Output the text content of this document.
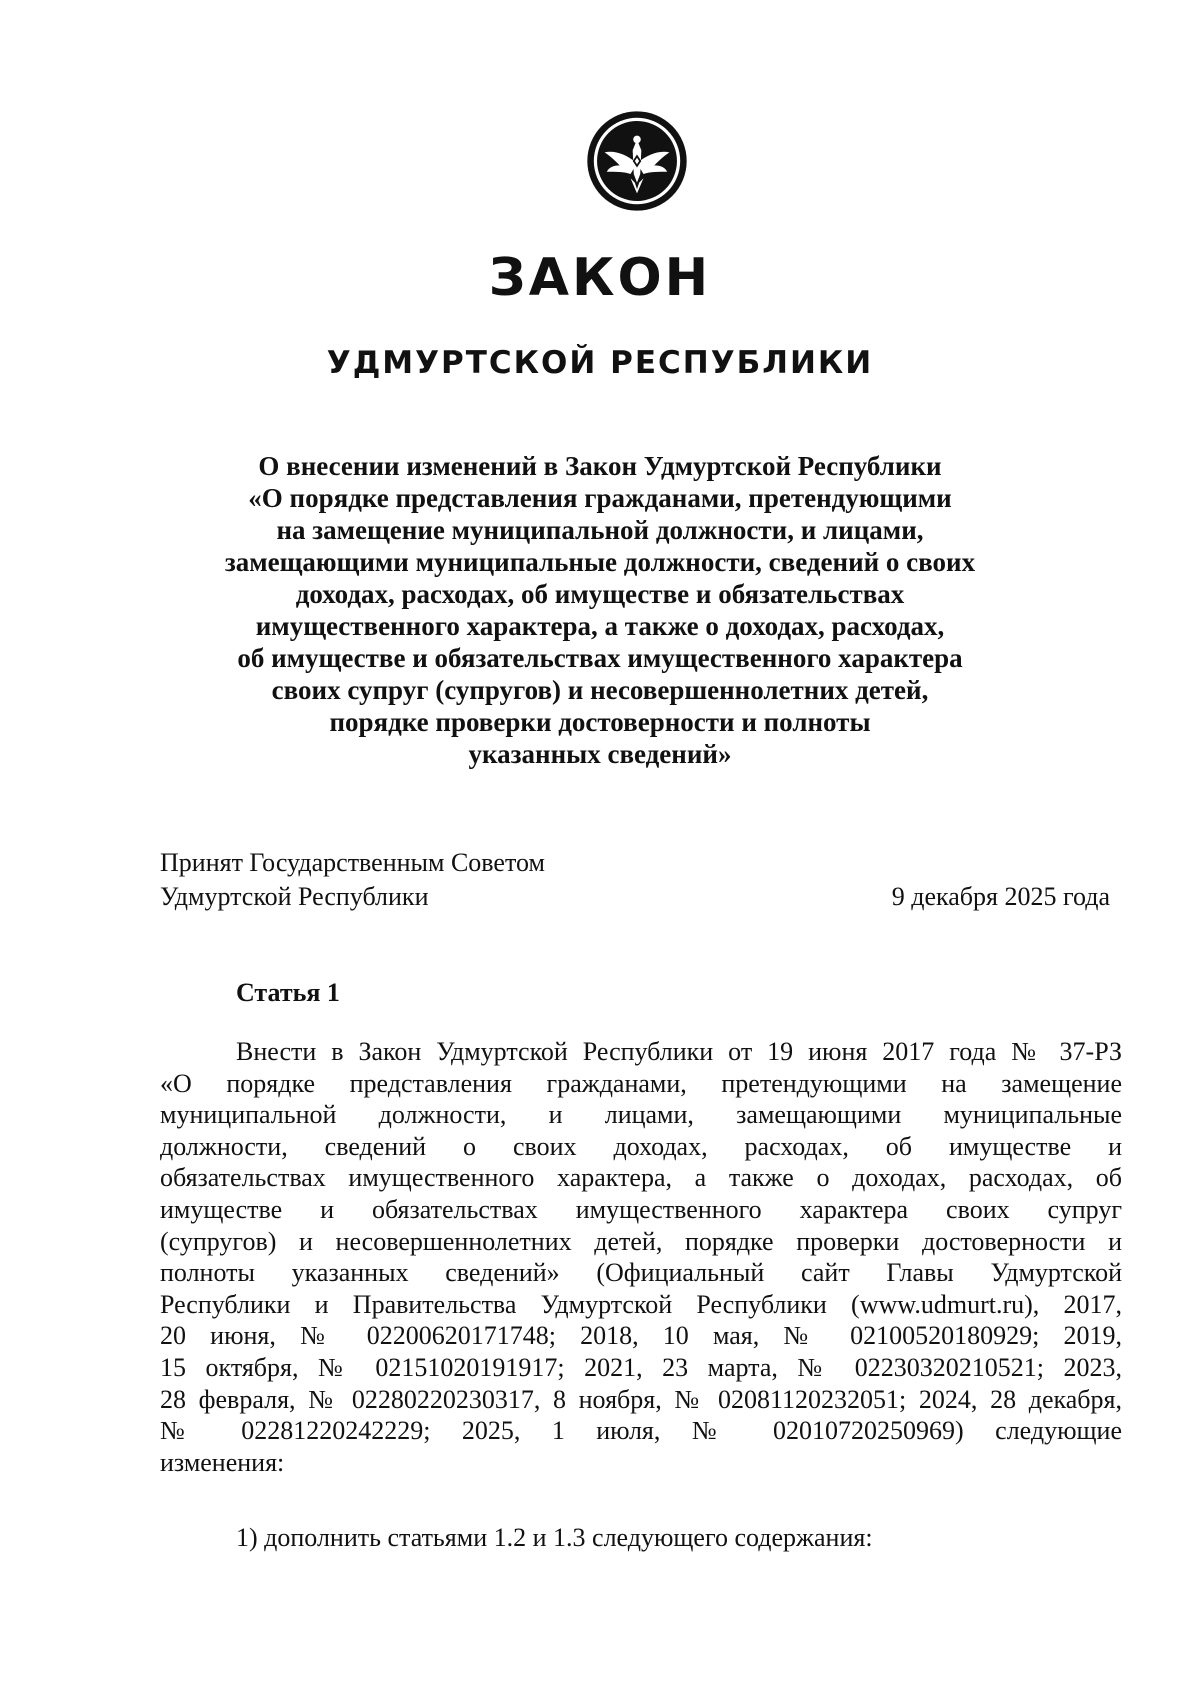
ЗАКОН
УДМУРТСКОЙ РЕСПУБЛИКИ
О внесении изменений в Закон Удмуртской Республики
«О порядке представления гражданами, претендующими
на замещение муниципальной должности, и лицами,
замещающими муниципальные должности, сведений о своих
доходах, расходах, об имуществе и обязательствах
имущественного характера, а также о доходах, расходах,
об имуществе и обязательствах имущественного характера
своих супруг (супругов) и несовершеннолетних детей,
порядке проверки достоверности и полноты
указанных сведений»
Принят Государственным Советом
Удмуртской Республики	9 декабря 2025 года
Статья 1
Внести в Закон Удмуртской Республики от 19 июня 2017 года № 37-РЗ
«О порядке представления гражданами, претендующими на замещение
муниципальной должности, и лицами, замещающими муниципальные
должности, сведений о своих доходах, расходах, об имуществе и
обязательствах имущественного характера, а также о доходах, расходах, об
имуществе и обязательствах имущественного характера своих супруг
(супругов) и несовершеннолетних детей, порядке проверки достоверности и
полноты указанных сведений» (Официальный сайт Главы Удмуртской
Республики и Правительства Удмуртской Республики (www.udmurt.ru), 2017,
20 июня, № 02200620171748; 2018, 10 мая, № 02100520180929; 2019,
15 октября, № 02151020191917; 2021, 23 марта, № 02230320210521; 2023,
28 февраля, № 02280220230317, 8 ноября, № 02081120232051; 2024, 28 декабря,
№ 02281220242229; 2025, 1 июля, № 02010720250969) следующие
изменения:
1) дополнить статьями 1.2 и 1.3 следующего содержания:
